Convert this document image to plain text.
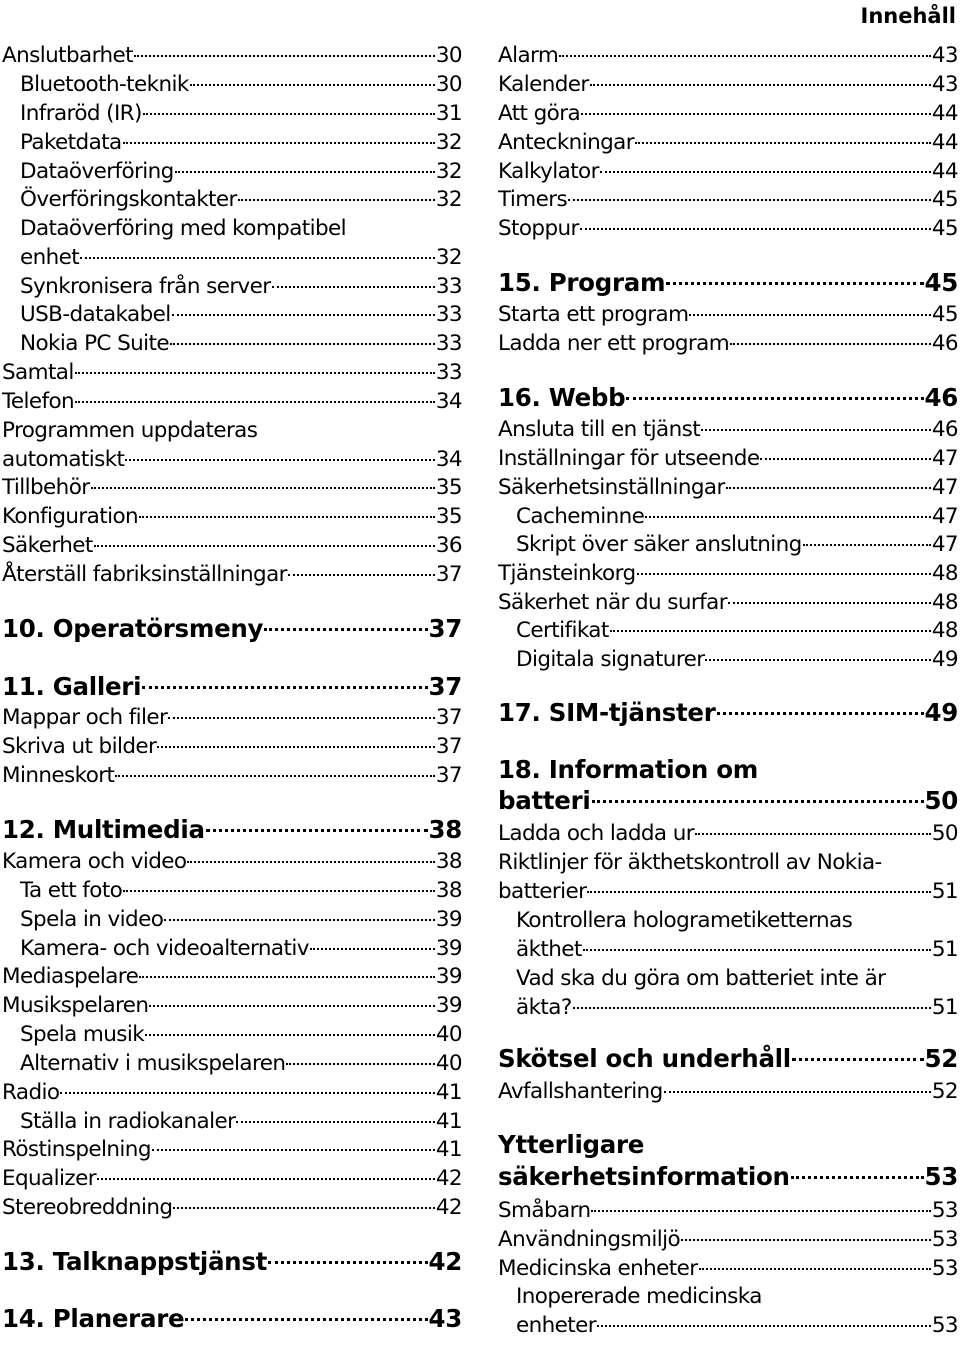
Innehåll
Anslutbarhet	30
Bluetooth-teknik	30
Infraröd (IR)	31
Paketdata	32
Dataöverföring	32
Överföringskontakter	32
Dataöverföring med kompatibel
enhet	32
Synkronisera från server	33
USB-datakabel	33
Nokia PC Suite	33
Samtal	33
Telefon	34
Programmen uppdateras
automatiskt	34
Tillbehör	35
Konfiguration	35
Säkerhet	36
Återställ fabriksinställningar	37
10. Operatörsmeny	37
11. Galleri	37
Mappar och filer	37
Skriva ut bilder	37
Minneskort	37
12. Multimedia	38
Kamera och video	38
Ta ett foto	38
Spela in video	39
Kamera- och videoalternativ	39
Mediaspelare	39
Musikspelaren	39
Spela musik	40
Alternativ i musikspelaren	40
Radio	41
Ställa in radiokanaler	41
Röstinspelning	41
Equalizer	42
Stereobreddning	42
13. Talknappstjänst	42
14. Planerare	43
Alarm	43
Kalender	43
Att göra	44
Anteckningar	44
Kalkylator	44
Timers	45
Stoppur	45
15. Program	45
Starta ett program	45
Ladda ner ett program	46
16. Webb	46
Ansluta till en tjänst	46
Inställningar för utseende	47
Säkerhetsinställningar	47
Cacheminne	47
Skript över säker anslutning	47
Tjänsteinkorg	48
Säkerhet när du surfar	48
Certifikat	48
Digitala signaturer	49
17. SIM-tjänster	49
18. Information om
batteri	50
Ladda och ladda ur	50
Riktlinjer för äkthetskontroll av Nokia-
batterier	51
Kontrollera hologrametiketternas
äkthet	51
Vad ska du göra om batteriet inte är
äkta?	51
Skötsel och underhåll	52
Avfallshantering	52
Ytterligare
säkerhetsinformation	53
Småbarn	53
Användningsmiljö	53
Medicinska enheter	53
Inopererade medicinska
enheter	53
